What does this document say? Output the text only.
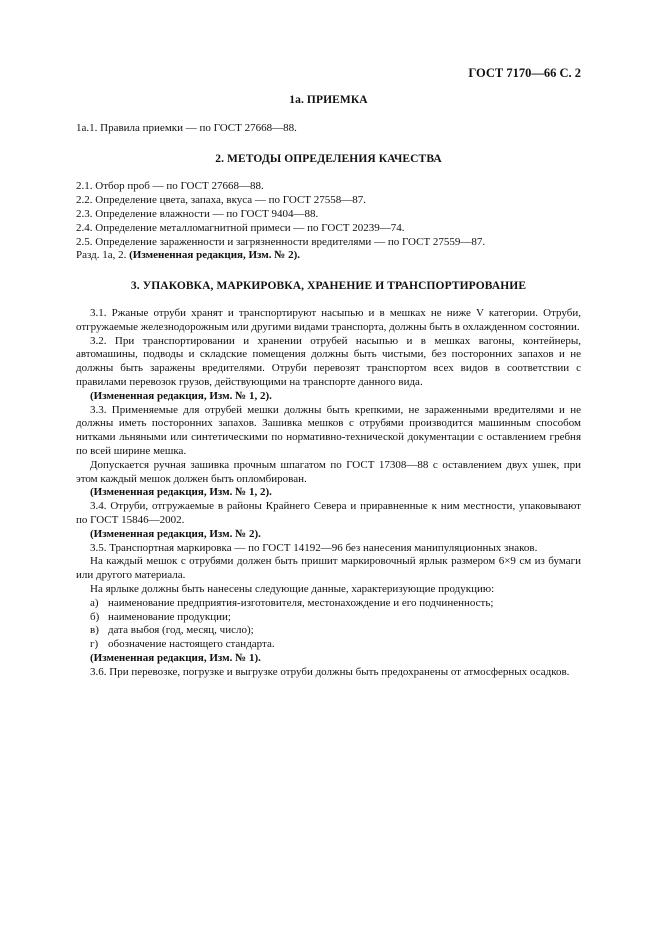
ГОСТ 7170—66 С. 2
1а. ПРИЕМКА

1а.1. Правила приемки — по ГОСТ 27668—88.

2. МЕТОДЫ ОПРЕДЕЛЕНИЯ КАЧЕСТВА

2.1. Отбор проб — по ГОСТ 27668—88.

2.2. Определение цвета, запаха, вкуса — по ГОСТ 27558—87.

2.3. Определение влажности — по ГОСТ 9404—88.

2.4. Определение металломагнитной примеси — по ГОСТ 20239—74.

2.5. Определение зараженности и загрязненности вредителями — по ГОСТ 27559—87.

Разд. 1а, 2. (Измененная редакция, Изм. № 2).

3. УПАКОВКА, МАРКИРОВКА, ХРАНЕНИЕ И ТРАНСПОРТИРОВАНИЕ

3.1. Ржаные отруби хранят и транспортируют насыпью и в мешках не ниже V категории. Отруби, отгружаемые железнодорожным или другими видами транспорта, должны быть в охлажденном состоянии.

3.2. При транспортировании и хранении отрубей насыпью и в мешках вагоны, контейнеры, автомашины, подводы и складские помещения должны быть чистыми, без посторонних запахов и не должны быть заражены вредителями. Отруби перевозят транспортом всех видов в соответствии с правилами перевозок грузов, действующими на транспорте данного вида.

(Измененная редакция, Изм. № 1, 2).

3.3. Применяемые для отрубей мешки должны быть крепкими, не зараженными вредителями и не должны иметь посторонних запахов. Зашивка мешков с отрубями производится машинным способом нитками льняными или синтетическими по нормативно-технической документации с оставлением гребня по всей ширине мешка.

Допускается ручная зашивка прочным шпагатом по ГОСТ 17308—88 с оставлением двух ушек, при этом каждый мешок должен быть опломбирован.

(Измененная редакция, Изм. № 1, 2).

3.4. Отруби, отгружаемые в районы Крайнего Севера и приравненные к ним местности, упаковывают по ГОСТ 15846—2002.

(Измененная редакция, Изм. № 2).

3.5. Транспортная маркировка — по ГОСТ 14192—96 без нанесения манипуляционных знаков.

На каждый мешок с отрубями должен быть пришит маркировочный ярлык размером 6×9 см из бумаги или другого материала.

На ярлыке должны быть нанесены следующие данные, характеризующие продукцию:

а) наименование предприятия-изготовителя, местонахождение и его подчиненность;

б) наименование продукции;

в) дата выбоя (год, месяц, число);

г) обозначение настоящего стандарта.

(Измененная редакция, Изм. № 1).

3.6. При перевозке, погрузке и выгрузке отруби должны быть предохранены от атмосферных осадков.
